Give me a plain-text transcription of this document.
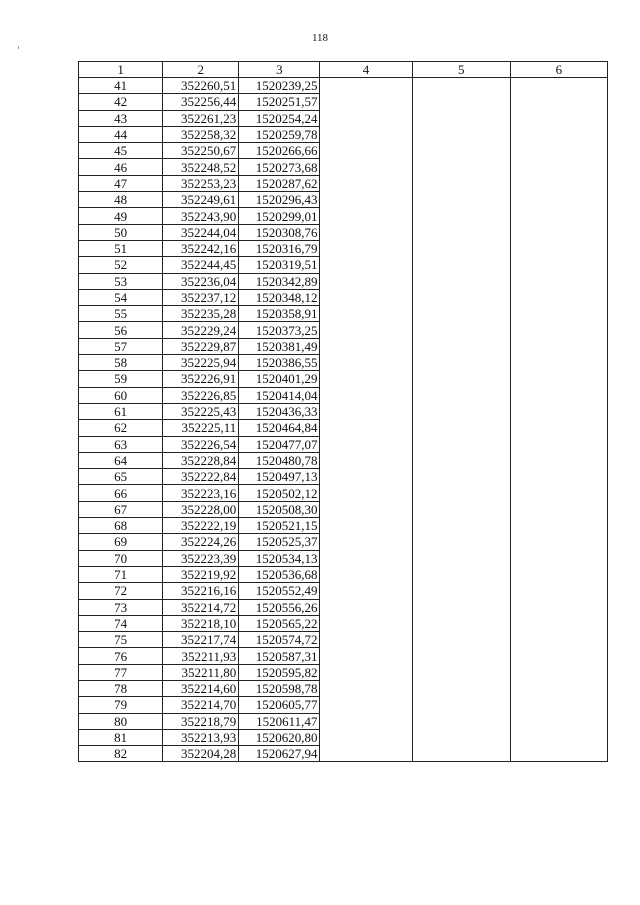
118
1	2	3	4	5	6
41	352260,51	1520239,25			
42	352256,44	1520251,57			
43	352261,23	1520254,24			
44	352258,32	1520259,78			
45	352250,67	1520266,66			
46	352248,52	1520273,68			
47	352253,23	1520287,62			
48	352249,61	1520296,43			
49	352243,90	1520299,01			
50	352244,04	1520308,76			
51	352242,16	1520316,79			
52	352244,45	1520319,51			
53	352236,04	1520342,89			
54	352237,12	1520348,12			
55	352235,28	1520358,91			
56	352229,24	1520373,25			
57	352229,87	1520381,49			
58	352225,94	1520386,55			
59	352226,91	1520401,29			
60	352226,85	1520414,04			
61	352225,43	1520436,33			
62	352225,11	1520464,84			
63	352226,54	1520477,07			
64	352228,84	1520480,78			
65	352222,84	1520497,13			
66	352223,16	1520502,12			
67	352228,00	1520508,30			
68	352222,19	1520521,15			
69	352224,26	1520525,37			
70	352223,39	1520534,13			
71	352219,92	1520536,68			
72	352216,16	1520552,49			
73	352214,72	1520556,26			
74	352218,10	1520565,22			
75	352217,74	1520574,72			
76	352211,93	1520587,31			
77	352211,80	1520595,82			
78	352214,60	1520598,78			
79	352214,70	1520605,77			
80	352218,79	1520611,47			
81	352213,93	1520620,80			
82	352204,28	1520627,94			
